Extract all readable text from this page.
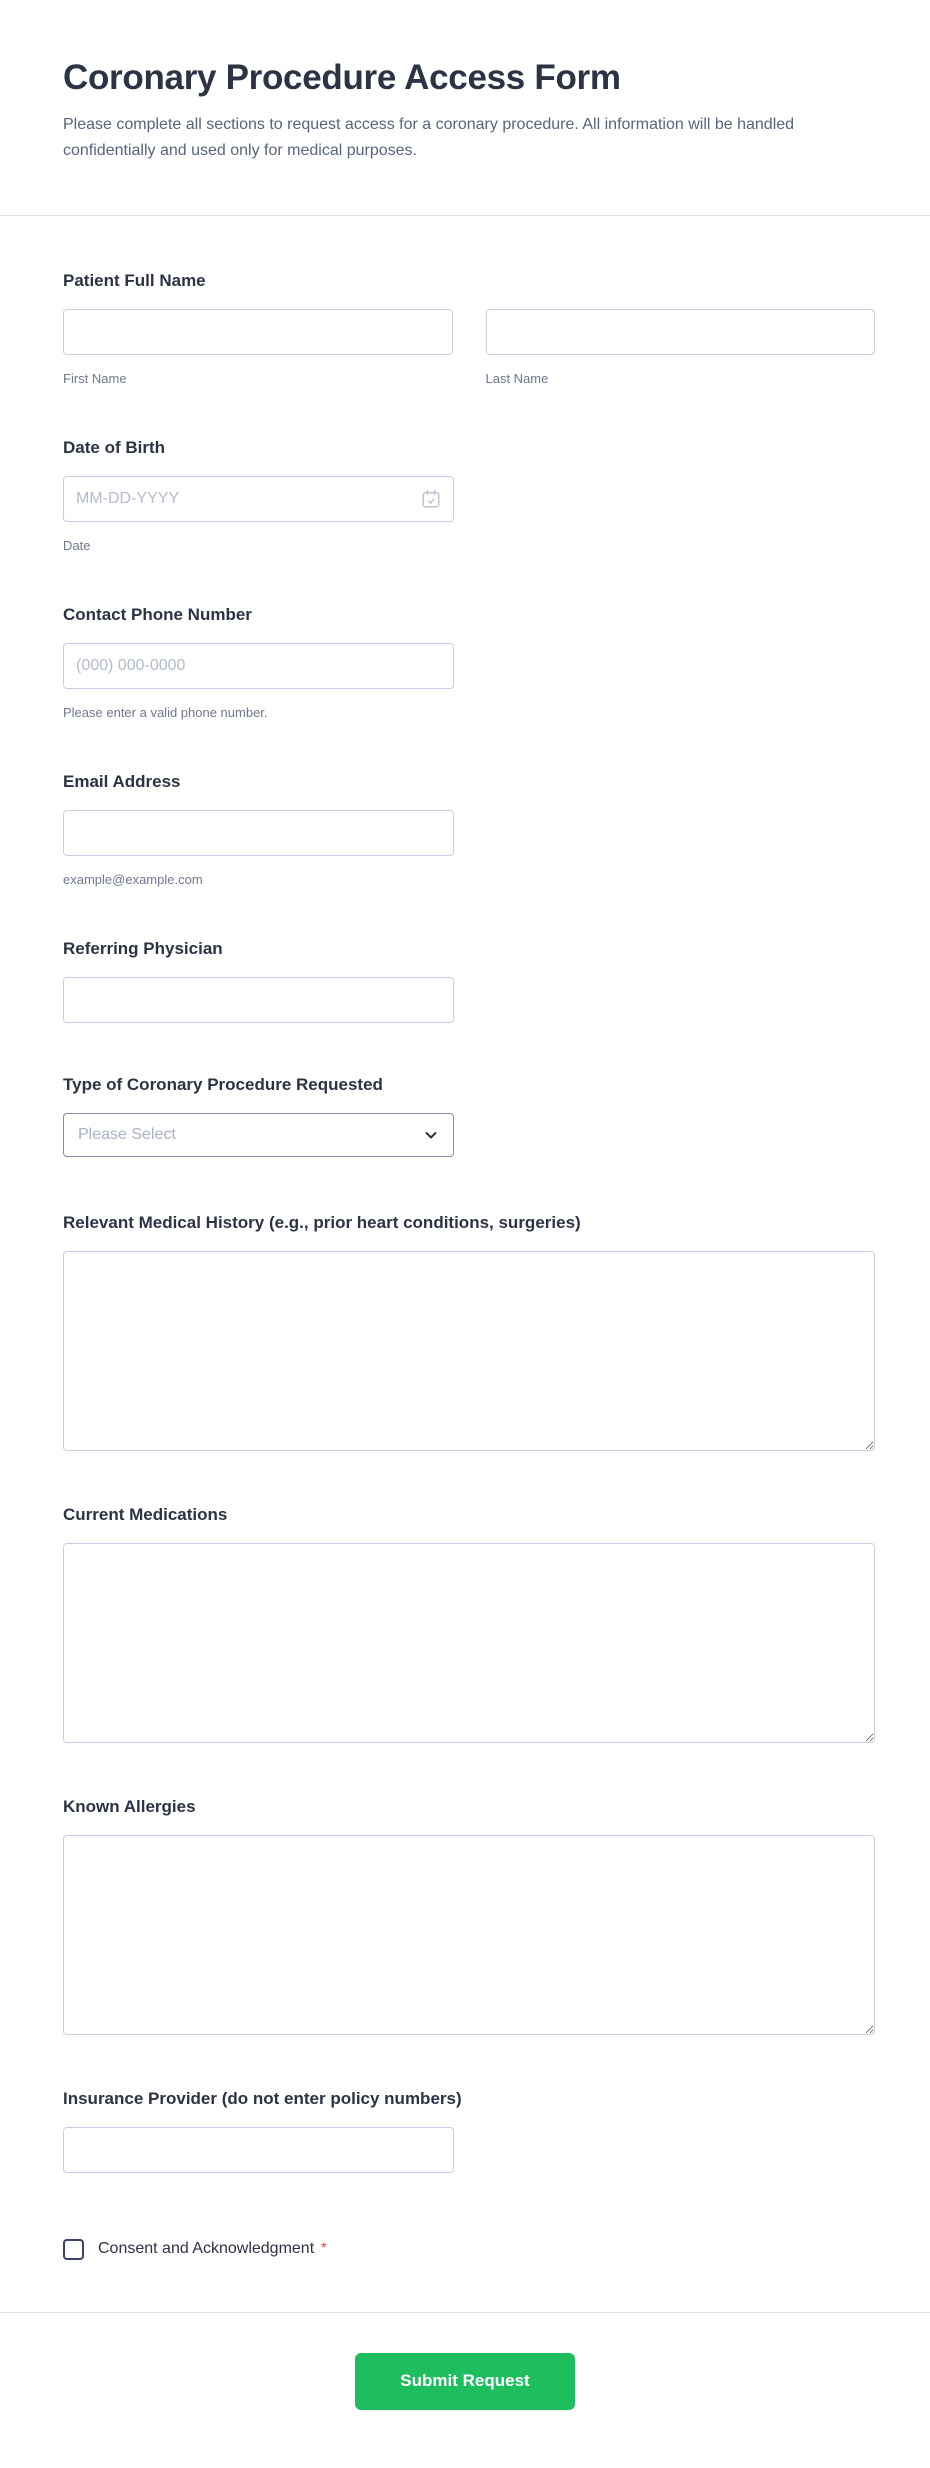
Coronary Procedure Access Form

Please complete all sections to request access for a coronary procedure. All information will be handled confidentially and used only for medical purposes.

Patient Full Name
First Name	Last Name
Date of Birth
MM-DD-YYYY
Date
Contact Phone Number
(000) 000-0000
Please enter a valid phone number.
Email Address
example@example.com
Referring Physician
Type of Coronary Procedure Requested
Please Select
Relevant Medical History (e.g., prior heart conditions, surgeries)
Current Medications
Known Allergies
Insurance Provider (do not enter policy numbers)
Consent and Acknowledgment *
Submit Request
